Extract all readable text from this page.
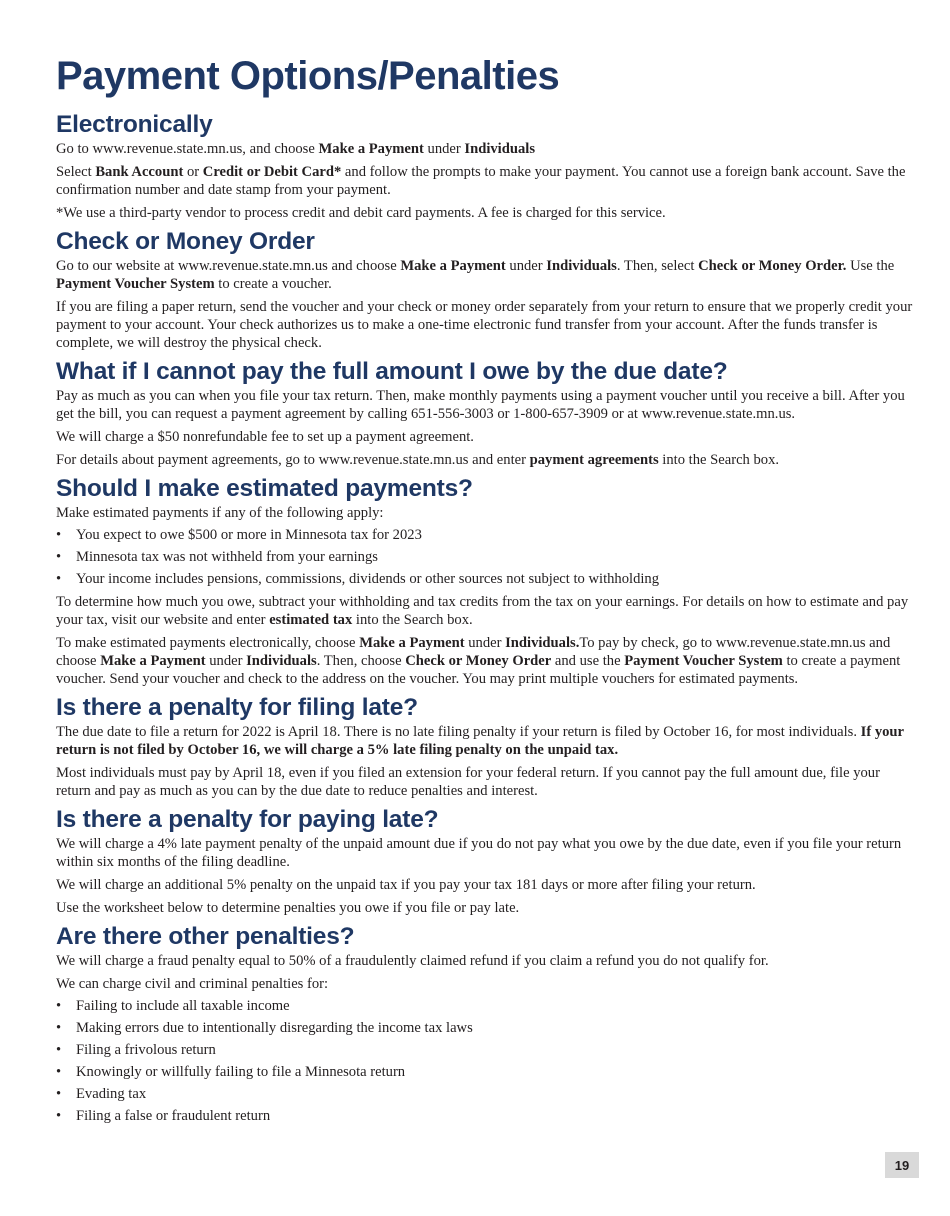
Payment Options/Penalties
Electronically

Go to www.revenue.state.mn.us, and choose Make a Payment under Individuals

Select Bank Account or Credit or Debit Card* and follow the prompts to make your payment. You cannot use a foreign bank account. Save the confirmation number and date stamp from your payment.

*We use a third-party vendor to process credit and debit card payments. A fee is charged for this service.

Check or Money Order

Go to our website at www.revenue.state.mn.us and choose Make a Payment under Individuals. Then, select Check or Money Order. Use the Payment Voucher System to create a voucher.

If you are filing a paper return, send the voucher and your check or money order separately from your return to ensure that we properly credit your payment to your account. Your check authorizes us to make a one-time electronic fund transfer from your account. After the funds transfer is complete, we will destroy the physical check.

What if I cannot pay the full amount I owe by the due date?

Pay as much as you can when you file your tax return. Then, make monthly payments using a payment voucher until you receive a bill. After you get the bill, you can request a payment agreement by calling 651-556-3003 or 1-800-657-3909 or at www.revenue.state.mn.us.

We will charge a $50 nonrefundable fee to set up a payment agreement.

For details about payment agreements, go to www.revenue.state.mn.us and enter payment agreements into the Search box.

Should I make estimated payments?

Make estimated payments if any of the following apply:

• You expect to owe $500 or more in Minnesota tax for 2023
• Minnesota tax was not withheld from your earnings
• Your income includes pensions, commissions, dividends or other sources not subject to withholding

To determine how much you owe, subtract your withholding and tax credits from the tax on your earnings. For details on how to estimate and pay your tax, visit our website and enter estimated tax into the Search box.

To make estimated payments electronically, choose Make a Payment under Individuals.To pay by check, go to www.revenue.state.mn.us and choose Make a Payment under Individuals. Then, choose Check or Money Order and use the Payment Voucher System to create a payment voucher. Send your voucher and check to the address on the voucher. You may print multiple vouchers for estimated payments.

Is there a penalty for filing late?

The due date to file a return for 2022 is April 18. There is no late filing penalty if your return is filed by October 16, for most individuals. If your return is not filed by October 16, we will charge a 5% late filing penalty on the unpaid tax.

Most individuals must pay by April 18, even if you filed an extension for your federal return. If you cannot pay the full amount due, file your return and pay as much as you can by the due date to reduce penalties and interest.

Is there a penalty for paying late?

We will charge a 4% late payment penalty of the unpaid amount due if you do not pay what you owe by the due date, even if you file your return within six months of the filing deadline.

We will charge an additional 5% penalty on the unpaid tax if you pay your tax 181 days or more after filing your return.

Use the worksheet below to determine penalties you owe if you file or pay late.

Are there other penalties?

We will charge a fraud penalty equal to 50% of a fraudulently claimed refund if you claim a refund you do not qualify for.

We can charge civil and criminal penalties for:

• Failing to include all taxable income
• Making errors due to intentionally disregarding the income tax laws
• Filing a frivolous return
• Knowingly or willfully failing to file a Minnesota return
• Evading tax
• Filing a false or fraudulent return
19
